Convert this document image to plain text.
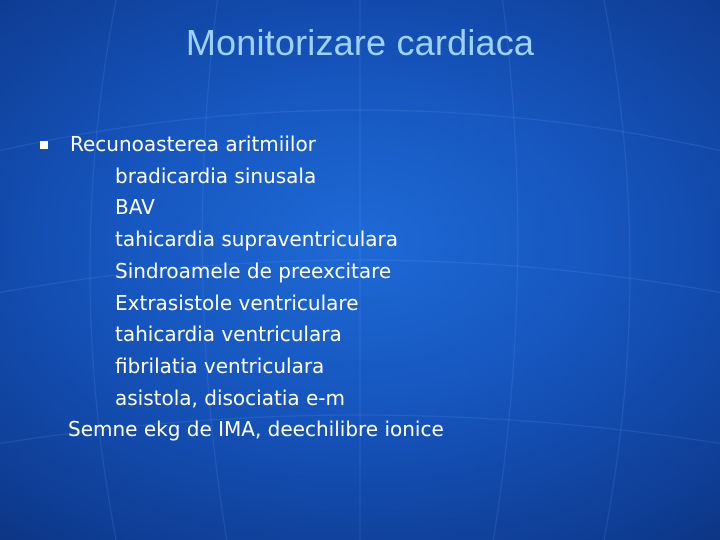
Monitorizare cardiaca
Recunoasterea aritmiilor
bradicardia sinusala
BAV
tahicardia supraventriculara
Sindroamele de preexcitare
Extrasistole ventriculare
tahicardia ventriculara
fibrilatia ventriculara
asistola, disociatia e-m
Semne ekg de IMA, deechilibre ionice
